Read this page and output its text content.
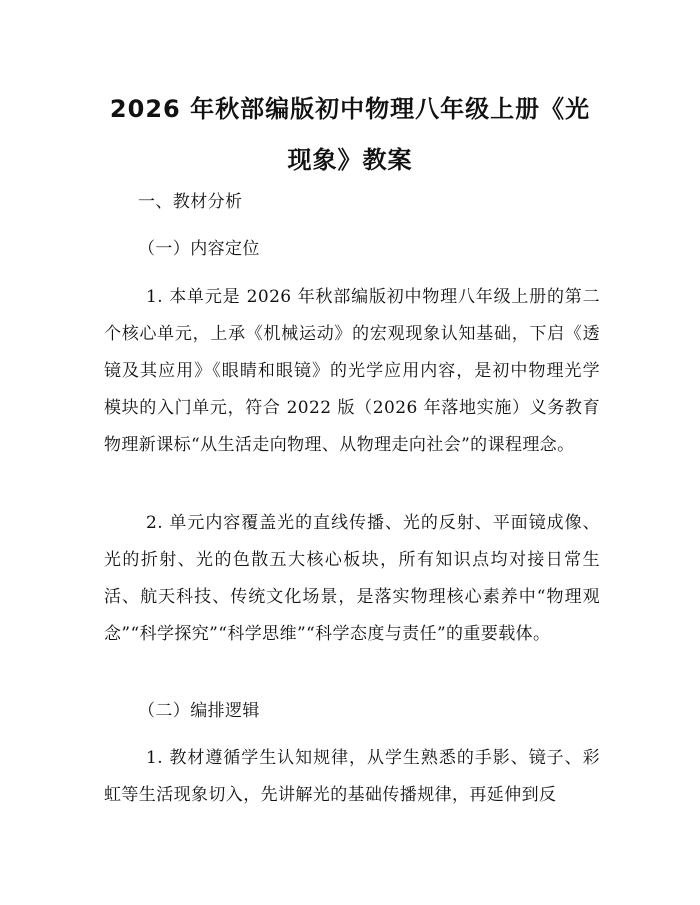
2026 年秋部编版初中物理八年级上册《光现象》教案

一、教材分析

（一）内容定位

1. 本单元是 2026 年秋部编版初中物理八年级上册的第二个核心单元，上承《机械运动》的宏观现象认知基础，下启《透镜及其应用》《眼睛和眼镜》的光学应用内容，是初中物理光学模块的入门单元，符合 2022 版（2026 年落地实施）义务教育物理新课标“从生活走向物理、从物理走向社会”的课程理念。

2. 单元内容覆盖光的直线传播、光的反射、平面镜成像、光的折射、光的色散五大核心板块，所有知识点均对接日常生活、航天科技、传统文化场景，是落实物理核心素养中“物理观念”“科学探究”“科学思维”“科学态度与责任”的重要载体。

（二）编排逻辑

1. 教材遵循学生认知规律，从学生熟悉的手影、镜子、彩虹等生活现象切入，先讲解光的基础传播规律，再延伸到反
